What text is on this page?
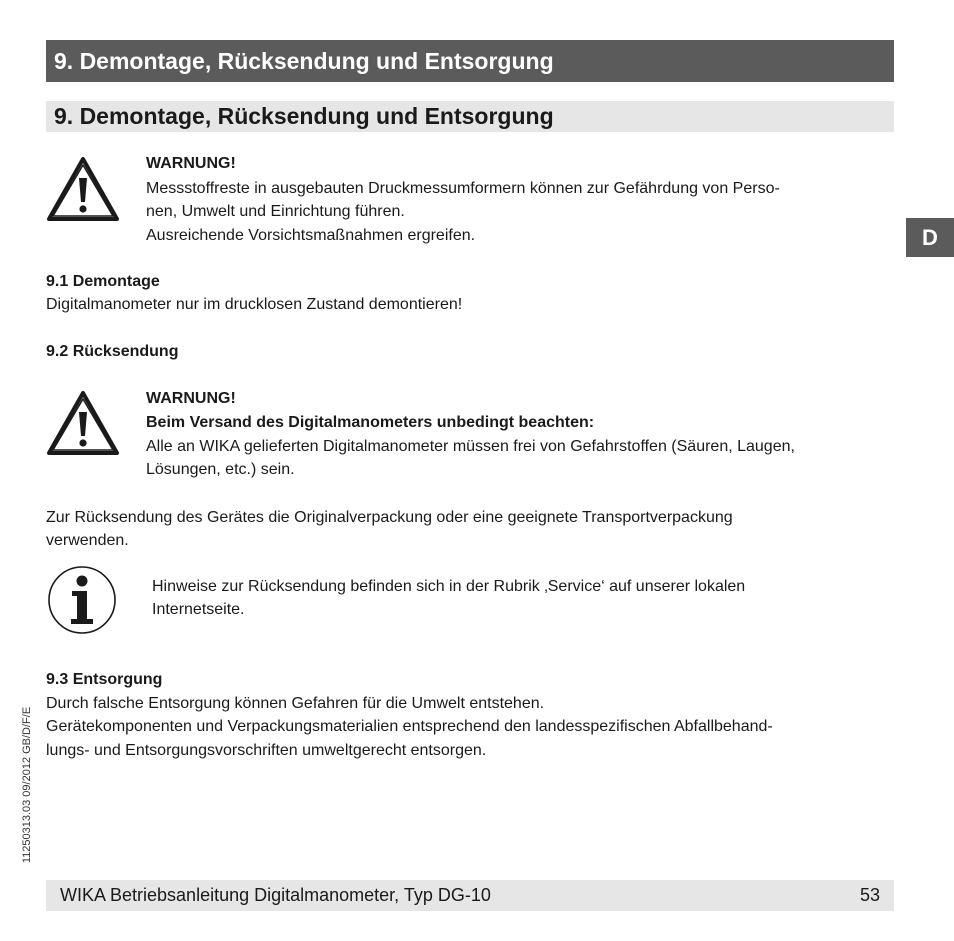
9. Demontage, Rücksendung und Entsorgung
9. Demontage, Rücksendung und Entsorgung
D
WARNUNG!
Messstoffreste in ausgebauten Druckmessumformern können zur Gefährdung von Perso-
nen, Umwelt und Einrichtung führen.
Ausreichende Vorsichtsmaßnahmen ergreifen.
9.1 Demontage
Digitalmanometer nur im drucklosen Zustand demontieren!
9.2 Rücksendung
WARNUNG!
Beim Versand des Digitalmanometers unbedingt beachten:
Alle an WIKA gelieferten Digitalmanometer müssen frei von Gefahrstoffen (Säuren, Laugen,
Lösungen, etc.) sein.
Zur Rücksendung des Gerätes die Originalverpackung oder eine geeignete Transportverpackung
verwenden.
Hinweise zur Rücksendung befinden sich in der Rubrik ‚Service‘ auf unserer lokalen
Internetseite.
9.3 Entsorgung
Durch falsche Entsorgung können Gefahren für die Umwelt entstehen.
Gerätekomponenten und Verpackungsmaterialien entsprechend den landesspezifischen Abfallbehand-
lungs- und Entsorgungsvorschriften umweltgerecht entsorgen.
11250313.03 09/2012 GB/D/F/E
WIKA Betriebsanleitung Digitalmanometer, Typ DG-10	53
